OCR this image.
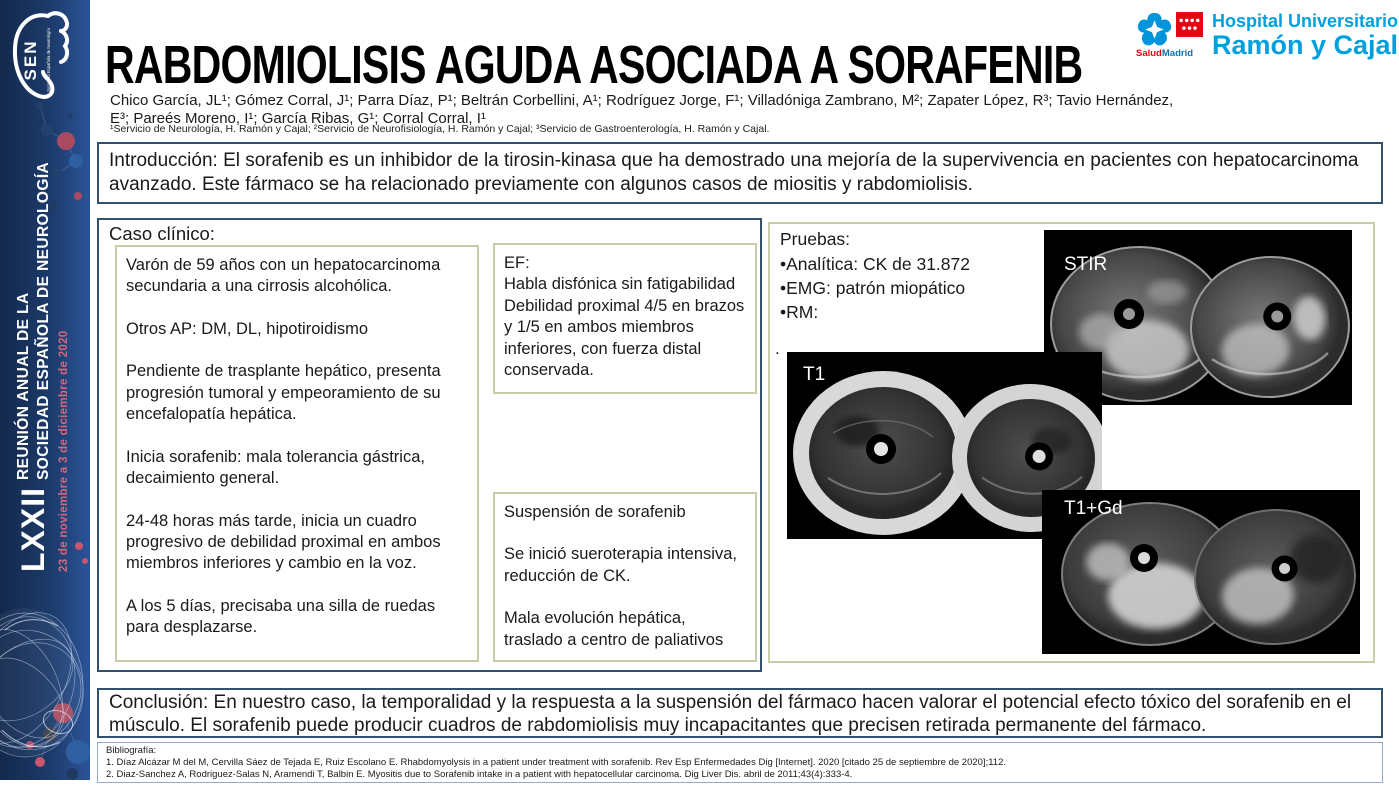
SEN Sociedad Española de Neurología
LXXII
REUNIÓN ANUAL DE LA SOCIEDAD ESPAÑOLA DE NEUROLOGÍA 23 de noviembre a 3 de diciembre de 2020
RABDOMIOLISIS AGUDA ASOCIADA A SORAFENIB

Chico García, JL¹; Gómez Corral, J¹; Parra Díaz, P¹; Beltrán Corbellini, A¹; Rodríguez Jorge, F¹; Villadóniga Zambrano, M²; Zapater López, R³; Tavio Hernández, E³; Pareés Moreno, I¹; García Ribas, G¹; Corral Corral, I¹

¹Servicio de Neurología, H. Ramón y Cajal; ²Servicio de Neurofisiología, H. Ramón y Cajal; ³Servicio de Gastroenterología, H. Ramón y Cajal.

SaludMadrid
Hospital Universitario
Ramón y Cajal
Introducción: El sorafenib es un inhibidor de la tirosin-kinasa que ha demostrado una mejoría de la supervivencia en pacientes con hepatocarcinoma avanzado. Este fármaco se ha relacionado previamente con algunos casos de miositis y rabdomiolisis.
Caso clínico:

Varón de 59 años con un hepatocarcinoma secundaria a una cirrosis alcohólica.

Otros AP: DM, DL, hipotiroidismo

Pendiente de trasplante hepático, presenta progresión tumoral y empeoramiento de su encefalopatía hepática.

Inicia sorafenib: mala tolerancia gástrica, decaimiento general.

24-48 horas más tarde, inicia un cuadro progresivo de debilidad proximal en ambos miembros inferiores y cambio en la voz.

A los 5 días, precisaba una silla de ruedas para desplazarse.

EF:

Habla disfónica sin fatigabilidad

Debilidad proximal 4/5 en brazos y 1/5 en ambos miembros inferiores, con fuerza distal conservada.

Suspensión de sorafenib

Se inició sueroterapia intensiva, reducción de CK.

Mala evolución hepática, traslado a centro de paliativos

Pruebas:

•Analítica: CK de 31.872

•EMG: patrón miopático

•RM:

.
STIR
T1
T1+Gd
Conclusión: En nuestro caso, la temporalidad y la respuesta a la suspensión del fármaco hacen valorar el potencial efecto tóxico del sorafenib en el músculo. El sorafenib puede producir cuadros de rabdomiolisis muy incapacitantes que precisen retirada permanente del fármaco.

Bibliografía:

1. Díaz Alcázar M del M, Cervilla Sáez de Tejada E, Ruiz Escolano E. Rhabdomyolysis in a patient under treatment with sorafenib. Rev Esp Enfermedades Dig [Internet]. 2020 [citado 25 de septiembre de 2020];112.

2. Diaz-Sanchez A, Rodriguez-Salas N, Aramendi T, Balbin E. Myositis due to Sorafenib intake in a patient with hepatocellular carcinoma. Dig Liver Dis. abril de 2011;43(4):333-4.
